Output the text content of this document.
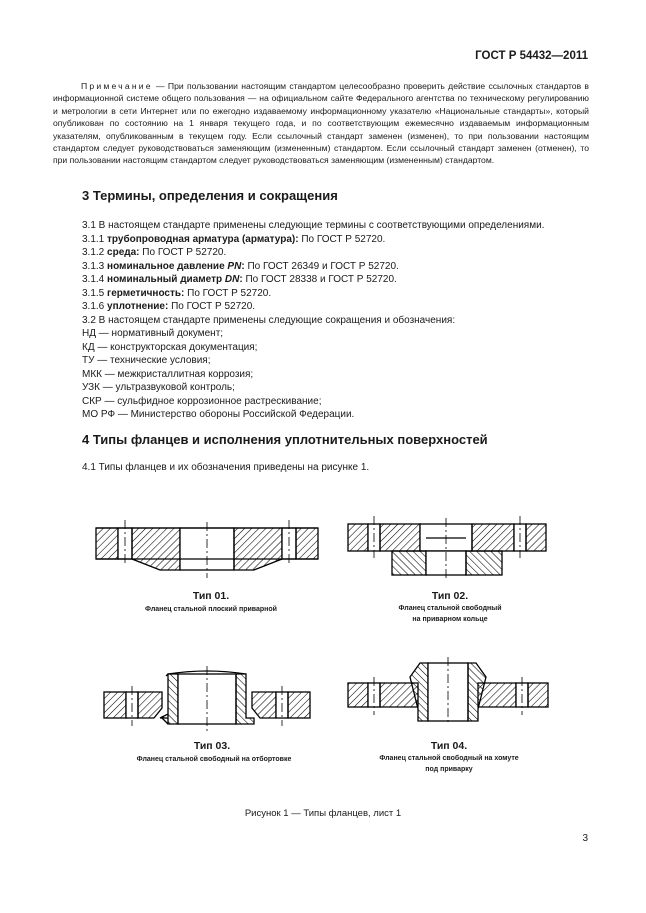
ГОСТ Р 54432—2011

Примечание — При пользовании настоящим стандартом целесообразно проверить действие ссылочных стандартов в информационной системе общего пользования — на официальном сайте Федерального агентства по техническому регулированию и метрологии в сети Интернет или по ежегодно издаваемому информационному указателю «Национальные стандарты», который опубликован по состоянию на 1 января текущего года, и по соответствующим ежемесячно издаваемым информационным указателям, опубликованным в текущем году. Если ссылочный стандарт заменен (изменен), то при пользовании настоящим стандартом следует руководствоваться заменяющим (измененным) стандартом. Если ссылочный стандарт заменен (отменен), то при пользовании настоящим стандартом следует руководствоваться заменяющим (измененным) стандартом.

3 Термины, определения и сокращения
3.1 В настоящем стандарте применены следующие термины с соответствующими определениями.
3.1.1 трубопроводная арматура (арматура): По ГОСТ Р 52720.
3.1.2 среда: По ГОСТ Р 52720.
3.1.3 номинальное давление PN: По ГОСТ 26349 и ГОСТ Р 52720.
3.1.4 номинальный диаметр DN: По ГОСТ 28338 и ГОСТ Р 52720.
3.1.5 герметичность: По ГОСТ Р 52720.
3.1.6 уплотнение: По ГОСТ Р 52720.
3.2 В настоящем стандарте применены следующие сокращения и обозначения:
НД — нормативный документ;
КД — конструкторская документация;
ТУ — технические условия;
МКК — межкристаллитная коррозия;
УЗК — ультразвуковой контроль;
СКР — сульфидное коррозионное растрескивание;
МО РФ — Министерство обороны Российской Федерации.
4 Типы фланцев и исполнения уплотнительных поверхностей
4.1 Типы фланцев и их обозначения приведены на рисунке 1.
Тип 01.
Фланец стальной плоский приварной
Тип 02.
Фланец стальной свободный
на приварном кольце
Тип 03.
Фланец стальной свободный на отбортовке
Тип 04.
Фланец стальной свободный на хомуте
под приварку
Рисунок 1 — Типы фланцев, лист 1
3
